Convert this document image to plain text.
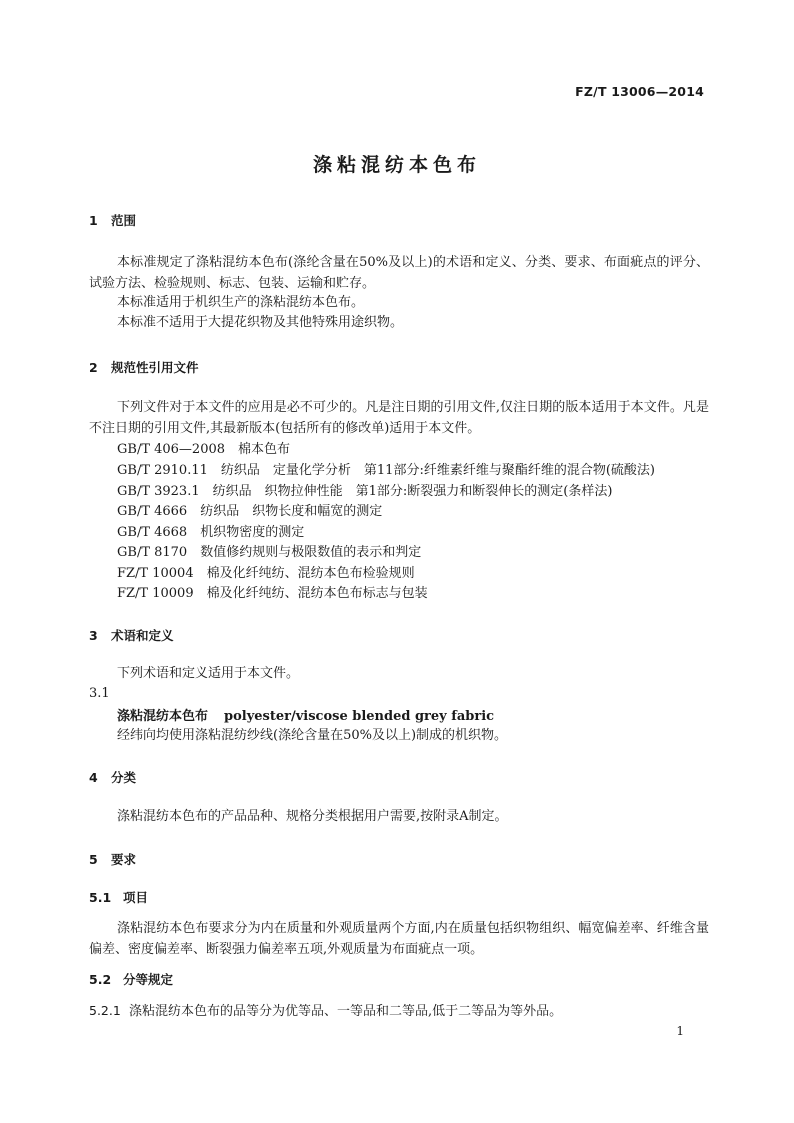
FZ/T 13006—2014
涤粘混纺本色布
1 范围
本标准规定了涤粘混纺本色布(涤纶含量在50%及以上)的术语和定义、分类、要求、布面疵点的评分、试验方法、检验规则、标志、包装、运输和贮存。
本标准适用于机织生产的涤粘混纺本色布。
本标准不适用于大提花织物及其他特殊用途织物。
2 规范性引用文件
下列文件对于本文件的应用是必不可少的。凡是注日期的引用文件,仅注日期的版本适用于本文件。凡是不注日期的引用文件,其最新版本(包括所有的修改单)适用于本文件。
GB/T 406—2008　 棉本色布
GB/T 2910.11　 纺织品　定量化学分析　第11部分:纤维素纤维与聚酯纤维的混合物(硫酸法)
GB/T 3923.1　 纺织品　织物拉伸性能　第1部分:断裂强力和断裂伸长的测定(条样法)
GB/T 4666　 纺织品　织物长度和幅宽的测定
GB/T 4668　 机织物密度的测定
GB/T 8170　 数值修约规则与极限数值的表示和判定
FZ/T 10004　 棉及化纤纯纺、混纺本色布检验规则
FZ/T 10009　 棉及化纤纯纺、混纺本色布标志与包装
3 术语和定义
下列术语和定义适用于本文件。
3.1
涤粘混纺本色布 polyester/viscose blended grey fabric
经纬向均使用涤粘混纺纱线(涤纶含量在50%及以上)制成的机织物。
4 分类
涤粘混纺本色布的产品品种、规格分类根据用户需要,按附录A制定。
5 要求
5.1 项目
涤粘混纺本色布要求分为内在质量和外观质量两个方面,内在质量包括织物组织、幅宽偏差率、纤维含量偏差、密度偏差率、断裂强力偏差率五项,外观质量为布面疵点一项。
5.2 分等规定
5.2.1 涤粘混纺本色布的品等分为优等品、一等品和二等品,低于二等品为等外品。
1
